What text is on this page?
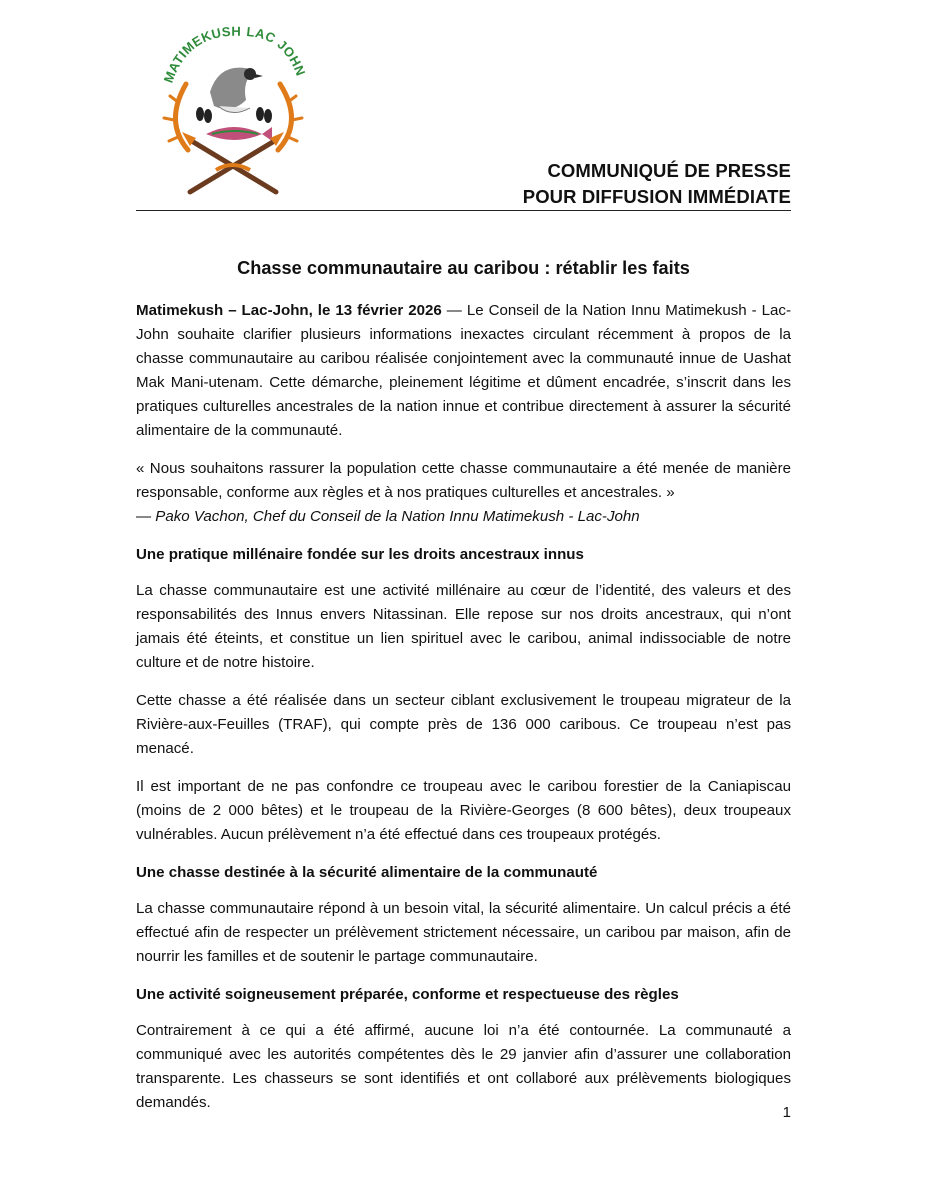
MATIMEKUSH LAC JOHN
COMMUNIQUÉ DE PRESSE
POUR DIFFUSION IMMÉDIATE
Chasse communautaire au caribou : rétablir les faits

Matimekush – Lac-John, le 13 février 2026 — Le Conseil de la Nation Innu Matimekush - Lac-John souhaite clarifier plusieurs informations inexactes circulant récemment à propos de la chasse communautaire au caribou réalisée conjointement avec la communauté innue de Uashat Mak Mani-utenam. Cette démarche, pleinement légitime et dûment encadrée, s’inscrit dans les pratiques culturelles ancestrales de la nation innue et contribue directement à assurer la sécurité alimentaire de la communauté.

« Nous souhaitons rassurer la population cette chasse communautaire a été menée de manière responsable, conforme aux règles et à nos pratiques culturelles et ancestrales. »
— Pako Vachon, Chef du Conseil de la Nation Innu Matimekush - Lac-John

Une pratique millénaire fondée sur les droits ancestraux innus

La chasse communautaire est une activité millénaire au cœur de l’identité, des valeurs et des responsabilités des Innus envers Nitassinan. Elle repose sur nos droits ancestraux, qui n’ont jamais été éteints, et constitue un lien spirituel avec le caribou, animal indissociable de notre culture et de notre histoire.

Cette chasse a été réalisée dans un secteur ciblant exclusivement le troupeau migrateur de la Rivière-aux-Feuilles (TRAF), qui compte près de 136 000 caribous. Ce troupeau n’est pas menacé.

Il est important de ne pas confondre ce troupeau avec le caribou forestier de la Caniapiscau (moins de 2 000 bêtes) et le troupeau de la Rivière-Georges (8 600 bêtes), deux troupeaux vulnérables. Aucun prélèvement n’a été effectué dans ces troupeaux protégés.

Une chasse destinée à la sécurité alimentaire de la communauté

La chasse communautaire répond à un besoin vital, la sécurité alimentaire. Un calcul précis a été effectué afin de respecter un prélèvement strictement nécessaire, un caribou par maison, afin de nourrir les familles et de soutenir le partage communautaire.

Une activité soigneusement préparée, conforme et respectueuse des règles

Contrairement à ce qui a été affirmé, aucune loi n’a été contournée. La communauté a communiqué avec les autorités compétentes dès le 29 janvier afin d’assurer une collaboration transparente. Les chasseurs se sont identifiés et ont collaboré aux prélèvements biologiques demandés.

1
